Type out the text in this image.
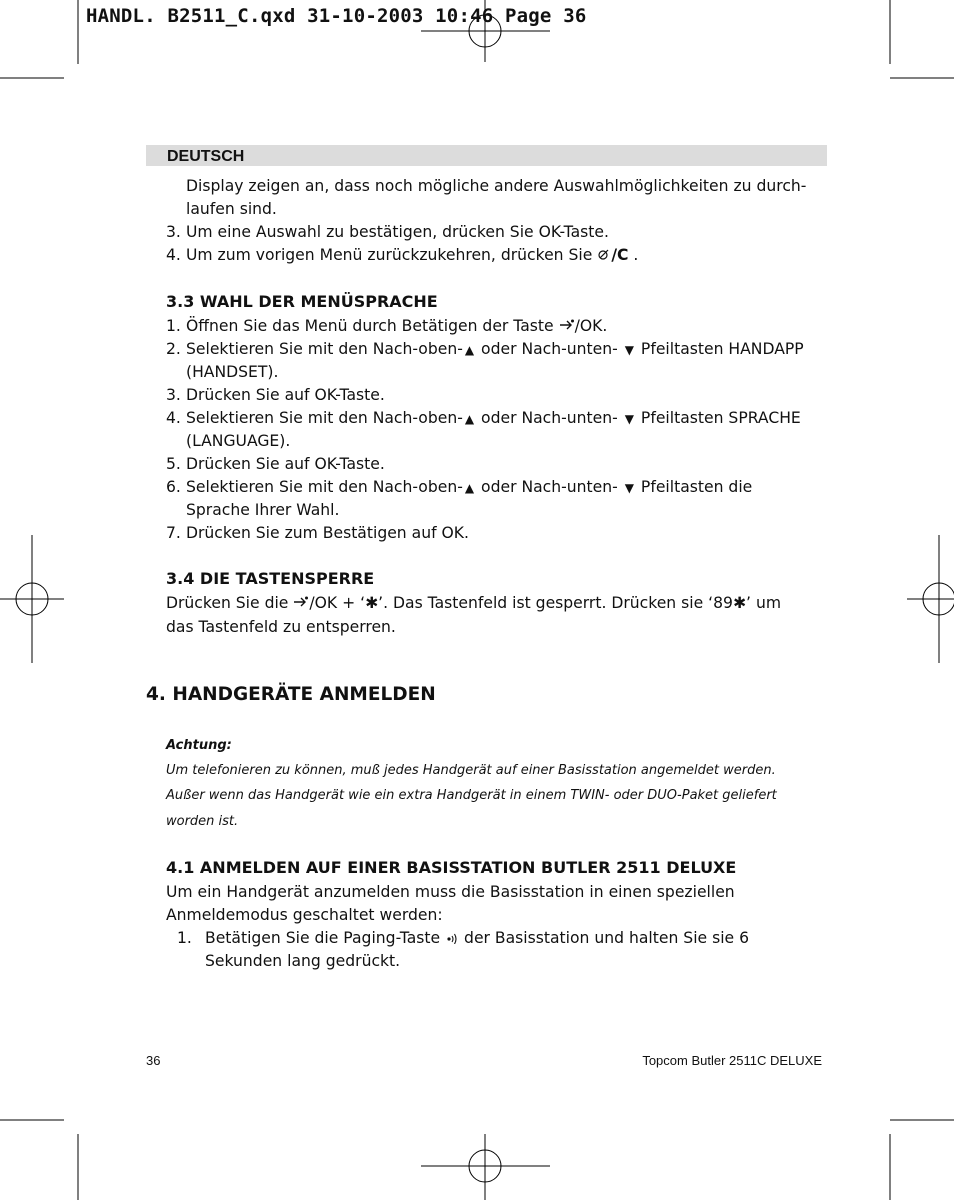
HANDL. B2511_C.qxd 31-10-2003 10:46 Page 36
DEUTSCH
Display zeigen an, dass noch mögliche andere Auswahlmöglichkeiten zu durch-
laufen sind.
3. Um eine Auswahl zu bestätigen, drücken Sie OK-Taste.
4. Um zum vorigen Menü zurückzukehren, drücken Sie /C .
3.3 WAHL DER MENÜSPRACHE
1. Öffnen Sie das Menü durch Betätigen der Taste /OK.
2. Selektieren Sie mit den Nach-oben- ▲ oder Nach-unten- ▼ Pfeiltasten HANDAPP
(HANDSET).
3. Drücken Sie auf OK-Taste.
4. Selektieren Sie mit den Nach-oben- ▲ oder Nach-unten- ▼ Pfeiltasten SPRACHE
(LANGUAGE).
5. Drücken Sie auf OK-Taste.
6. Selektieren Sie mit den Nach-oben- ▲ oder Nach-unten- ▼ Pfeiltasten die
Sprache Ihrer Wahl.
7. Drücken Sie zum Bestätigen auf OK.
3.4 DIE TASTENSPERRE
Drücken Sie die /OK + ‘✱’. Das Tastenfeld ist gesperrt. Drücken sie ‘89✱’ um
das Tastenfeld zu entsperren.
4. HANDGERÄTE ANMELDEN
Achtung:
Um telefonieren zu können, muß jedes Handgerät auf einer Basisstation angemeldet werden.
Außer wenn das Handgerät wie ein extra Handgerät in einem TWIN- oder DUO-Paket geliefert
worden ist.
4.1 ANMELDEN AUF EINER BASISSTATION BUTLER 2511 DELUXE
Um ein Handgerät anzumelden muss die Basisstation in einen speziellen
Anmeldemodus geschaltet werden:
1. Betätigen Sie die Paging-Taste der Basisstation und halten Sie sie 6
Sekunden lang gedrückt.
36	Topcom Butler 2511C DELUXE
